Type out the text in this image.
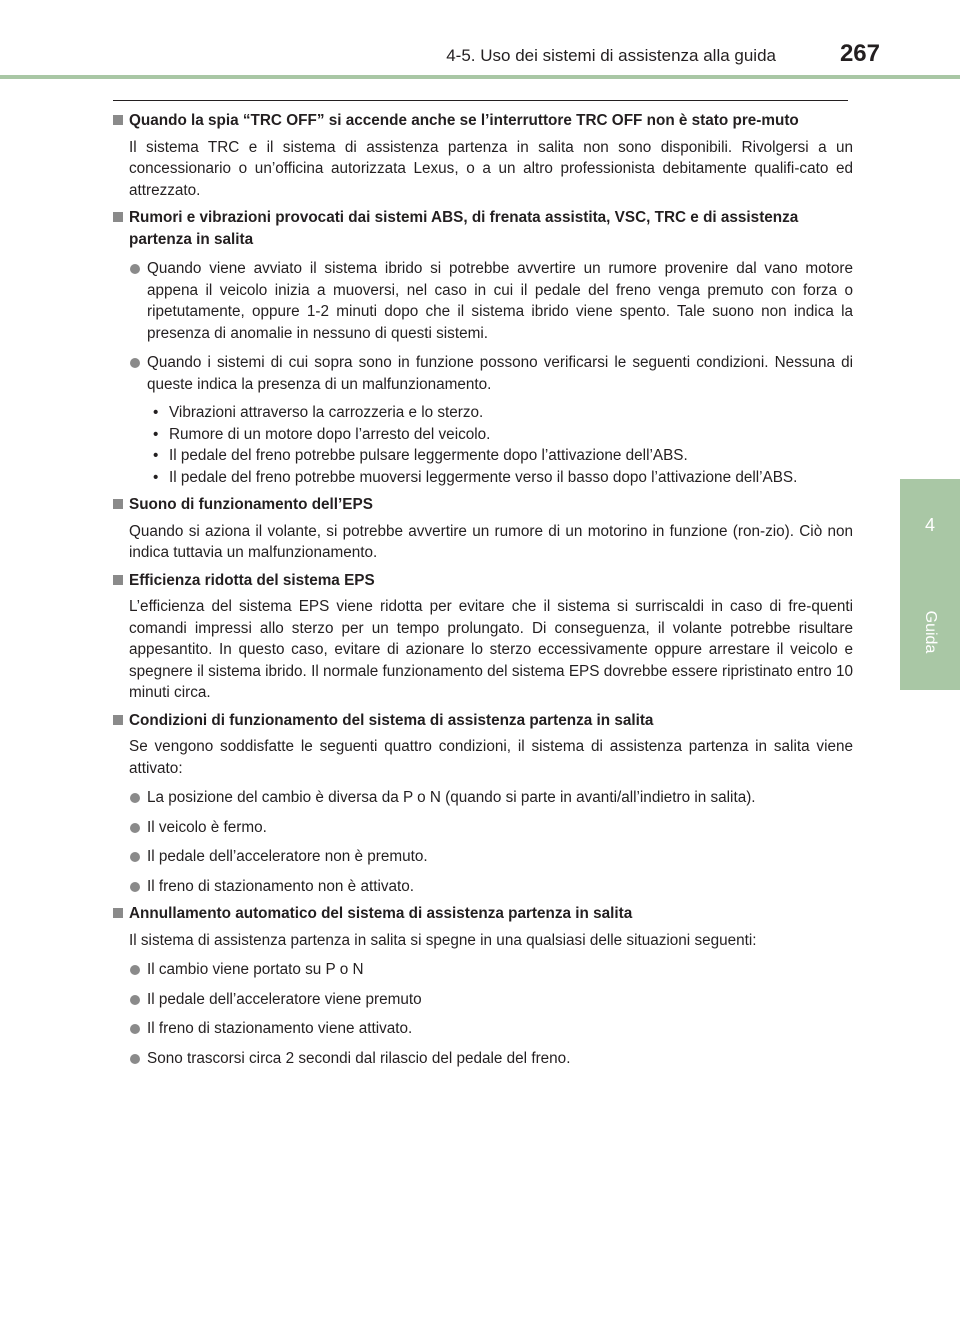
4-5. Uso dei sistemi di assistenza alla guida	267
4
Guida
Quando la spia “TRC OFF” si accende anche se l’interruttore TRC OFF non è stato pre-muto
Il sistema TRC e il sistema di assistenza partenza in salita non sono disponibili. Rivolgersi a un concessionario o un’officina autorizzata Lexus, o a un altro professionista debitamente qualifi-cato ed attrezzato.
Rumori e vibrazioni provocati dai sistemi ABS, di frenata assistita, VSC, TRC e di assistenza partenza in salita
Quando viene avviato il sistema ibrido si potrebbe avvertire un rumore provenire dal vano motore appena il veicolo inizia a muoversi, nel caso in cui il pedale del freno venga premuto con forza o ripetutamente, oppure 1-2 minuti dopo che il sistema ibrido viene spento. Tale suono non indica la presenza di anomalie in nessuno di questi sistemi.
Quando i sistemi di cui sopra sono in funzione possono verificarsi le seguenti condizioni. Nessuna di queste indica la presenza di un malfunzionamento.
• Vibrazioni attraverso la carrozzeria e lo sterzo.
• Rumore di un motore dopo l’arresto del veicolo.
• Il pedale del freno potrebbe pulsare leggermente dopo l’attivazione dell’ABS.
• Il pedale del freno potrebbe muoversi leggermente verso il basso dopo l’attivazione dell’ABS.
Suono di funzionamento dell’EPS
Quando si aziona il volante, si potrebbe avvertire un rumore di un motorino in funzione (ron-zio). Ciò non indica tuttavia un malfunzionamento.
Efficienza ridotta del sistema EPS
L’efficienza del sistema EPS viene ridotta per evitare che il sistema si surriscaldi in caso di fre-quenti comandi impressi allo sterzo per un tempo prolungato. Di conseguenza, il volante potrebbe risultare appesantito. In questo caso, evitare di azionare lo sterzo eccessivamente oppure arrestare il veicolo e spegnere il sistema ibrido. Il normale funzionamento del sistema EPS dovrebbe essere ripristinato entro 10 minuti circa.
Condizioni di funzionamento del sistema di assistenza partenza in salita
Se vengono soddisfatte le seguenti quattro condizioni, il sistema di assistenza partenza in salita viene attivato:
La posizione del cambio è diversa da P o N (quando si parte in avanti/all’indietro in salita).
Il veicolo è fermo.
Il pedale dell’acceleratore non è premuto.
Il freno di stazionamento non è attivato.
Annullamento automatico del sistema di assistenza partenza in salita
Il sistema di assistenza partenza in salita si spegne in una qualsiasi delle situazioni seguenti:
Il cambio viene portato su P o N
Il pedale dell’acceleratore viene premuto
Il freno di stazionamento viene attivato.
Sono trascorsi circa 2 secondi dal rilascio del pedale del freno.
